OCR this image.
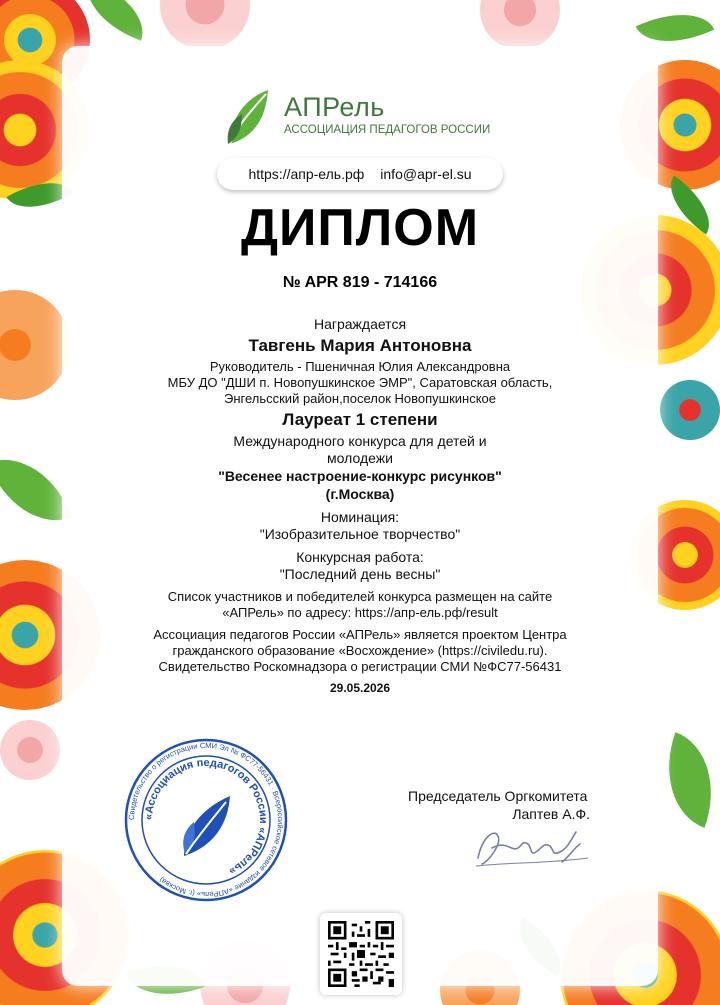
АПРель
АССОЦИАЦИЯ ПЕДАГОГОВ РОССИИ
https://апр-ель.рф info@apr-el.su
ДИПЛОМ
№ APR 819 - 714166
Награждается
Тавгень Мария Антоновна
Руководитель - Пшеничная Юлия Александровна
МБУ ДО "ДШИ п. Новопушкинское ЭМР", Саратовская область,
Энгельсский район,поселок Новопушкинское
Лауреат 1 степени
Международного конкурса для детей и
молодежи
"Весенее настроение-конкурс рисунков"
(г.Москва)
Номинация:
"Изобразительное творчество"
Конкурсная работа:
"Последний день весны"
Список участников и победителей конкурса размещен на сайте
«АПРель» по адресу: https://апр-ель.рф/result
Ассоциация педагогов России «АПРель» является проектом Центра
гражданского образование «Восхождение» (https://civiledu.ru).
Свидетельство Роскомнадзора о регистрации СМИ №ФС77-56431
29.05.2026
Свидетельство о регистрации СМИ Эл № ФС77-56431 · Всероссийское сетевое издание «АПРель» (г. Москва)
«Ассоциация педагогов России «АПРель»
Председатель Оргкомитета
Лаптев А.Ф.
